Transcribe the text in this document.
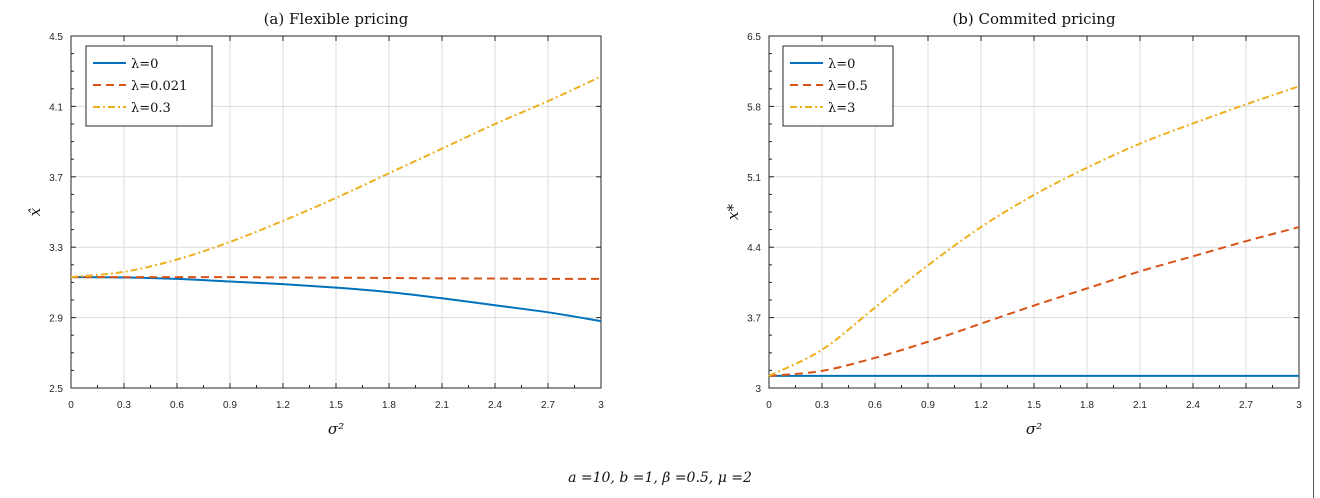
0	0.3	0.6	0.9	1.2	1.5	1.8	2.1	2.4	2.7	3
2.5
2.9
3.3
3.7
4.1
4.5
(a) Flexible pricing
σ²
x̂
λ=0
λ=0.021
λ=0.3
0	0.3	0.6	0.9	1.2	1.5	1.8	2.1	2.4	2.7	3
3
3.7
4.4
5.1
5.8
6.5
(b) Commited pricing
σ²
x*
λ=0
λ=0.5
λ=3
a =10, b =1, β =0.5, μ =2
